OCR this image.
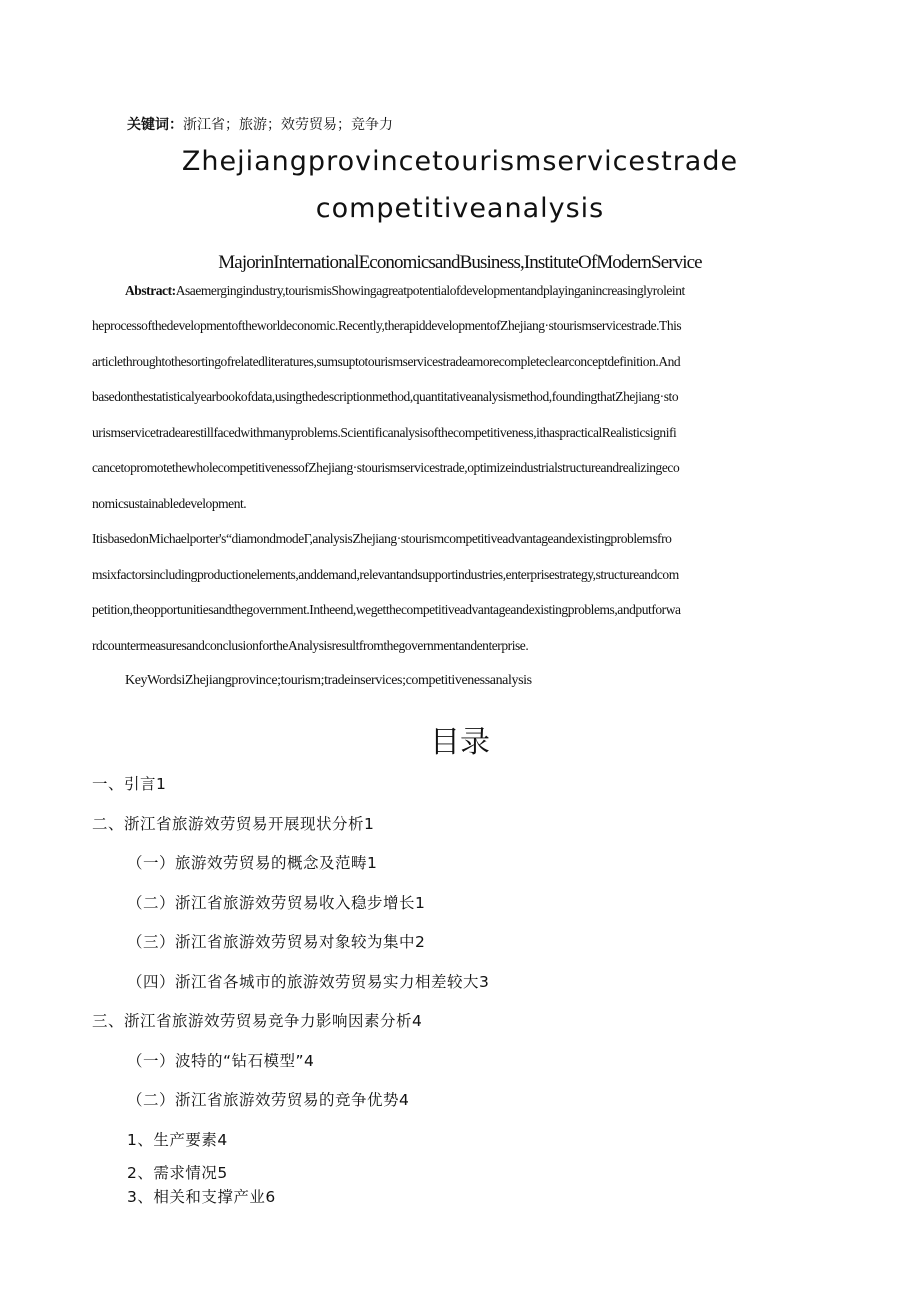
关键词：浙江省；旅游；效劳贸易；竞争力
Zhejiangprovincetourismservicestrade
competitiveanalysis
MajorinInternationalEconomicsandBusiness,InstituteOfModernService
Abstract:Asaemergingindustry,tourismisShowingagreatpotentialofdevelopmentandplayinganincreasinglyroleint
heprocessofthedevelopmentoftheworldeconomic.Recently,therapiddevelopmentofZhejiang·stourismservicestrade.This
articlethroughtothesortingofrelatedliteratures,sumsuptotourismservicestradeamorecompleteclearconceptdefinition.And
basedonthestatisticalyearbookofdata,usingthedescriptionmethod,quantitativeanalysismethod,foundingthatZhejiang·sto
urismservicetradearestillfacedwithmanyproblems.Scientificanalysisofthecompetitiveness,ithaspracticalRealisticsignifi
cancetopromotethewholecompetitivenessofZhejiang·stourismservicestrade,optimizeindustrialstructureandrealizingeco
nomicsustainabledevelopment.
ItisbasedonMichaelporter's“diamondmodeΓ,analysisZhejiang·stourismcompetitiveadvantageandexistingproblemsfro
msixfactorsincludingproductionelements,anddemand,relevantandsupportindustries,enterprisestrategy,structureandcom
petition,theopportunitiesandthegovernment.Intheend,wegetthecompetitiveadvantageandexistingproblems,andputforwa
rdcountermeasuresandconclusionfortheAnalysisresultfromthegovernmentandenterprise.
KeyWordsiZhejiangprovince;tourism;tradeinservices;competitivenessanalysis
目录
一、引言1
二、浙江省旅游效劳贸易开展现状分析1
（一）旅游效劳贸易的概念及范畴1
（二）浙江省旅游效劳贸易收入稳步增长1
（三）浙江省旅游效劳贸易对象较为集中2
（四）浙江省各城市的旅游效劳贸易实力相差较大3
三、浙江省旅游效劳贸易竞争力影响因素分析4
（一）波特的“钻石模型”4
（二）浙江省旅游效劳贸易的竞争优势4
1、生产要素4
2、需求情况5
3、相关和支撑产业6
